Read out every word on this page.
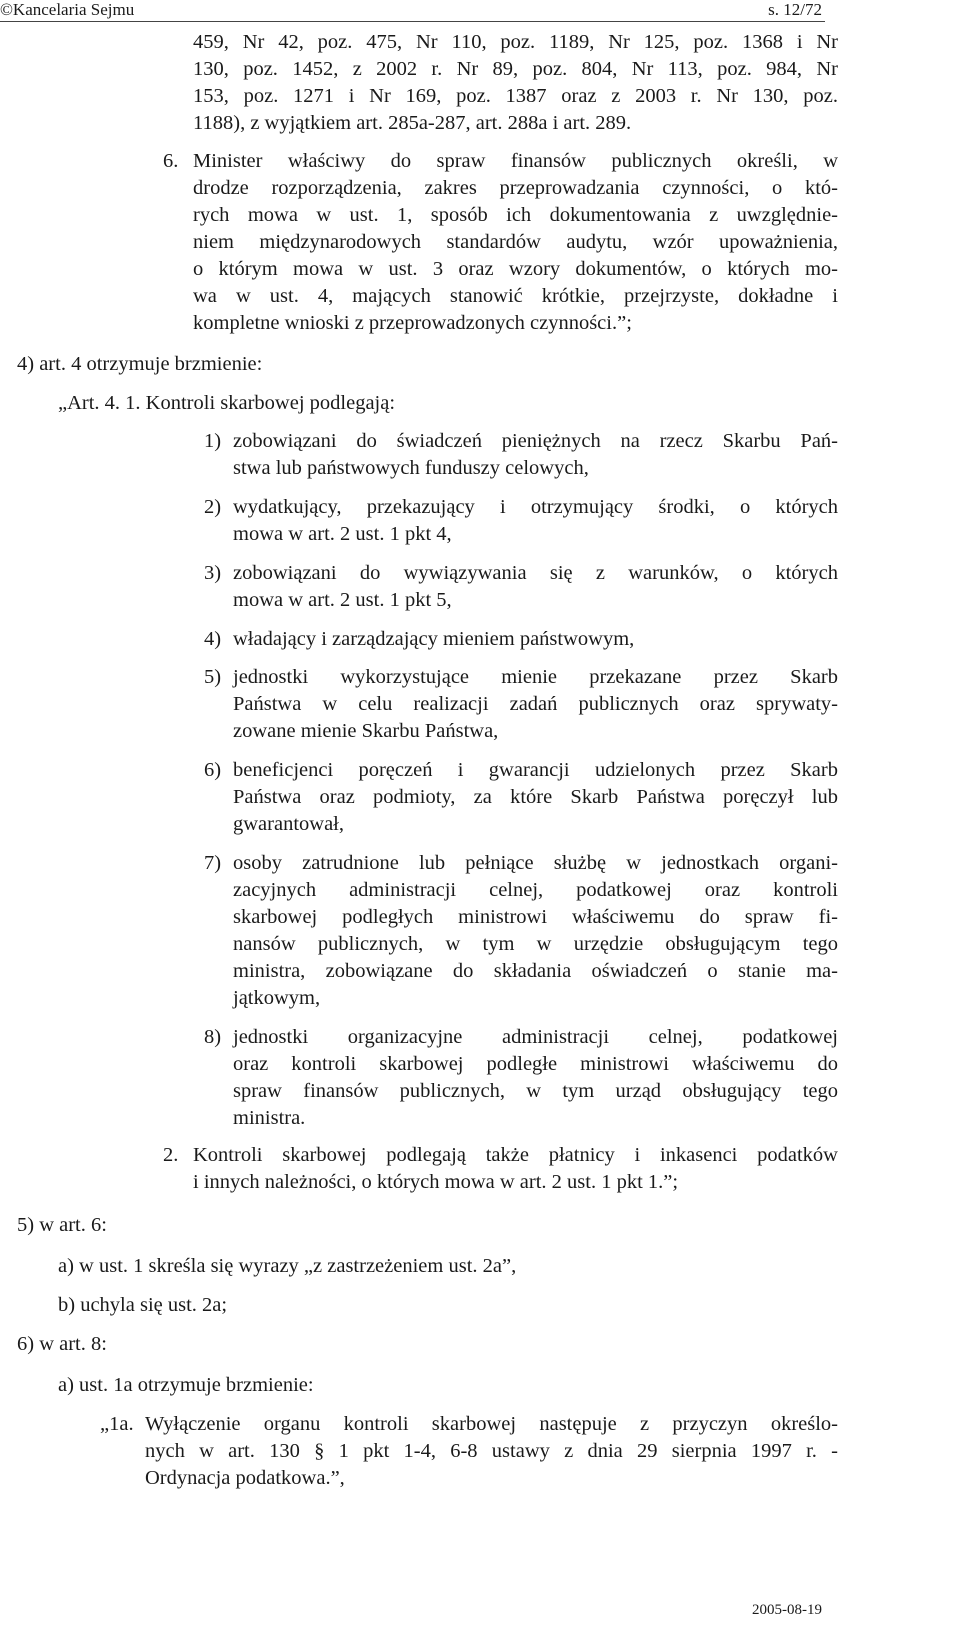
©Kancelaria Sejmu	s. 12/72
459, Nr 42, poz. 475, Nr 110, poz. 1189, Nr 125, poz. 1368 i Nr
130, poz. 1452, z 2002 r. Nr 89, poz. 804, Nr 113, poz. 984, Nr
153, poz. 1271 i Nr 169, poz. 1387 oraz z 2003 r. Nr 130, poz.
1188), z wyjątkiem art. 285a-287, art. 288a i art. 289.
6. Minister właściwy do spraw finansów publicznych określi, w
drodze rozporządzenia, zakres przeprowadzania czynności, o któ-
rych mowa w ust. 1, sposób ich dokumentowania z uwzględnie-
niem międzynarodowych standardów audytu, wzór upoważnienia,
o którym mowa w ust. 3 oraz wzory dokumentów, o których mo-
wa w ust. 4, mających stanowić krótkie, przejrzyste, dokładne i
kompletne wnioski z przeprowadzonych czynności.”;
4) art. 4 otrzymuje brzmienie:
„Art. 4. 1. Kontroli skarbowej podlegają:
1) zobowiązani do świadczeń pieniężnych na rzecz Skarbu Pań-
stwa lub państwowych funduszy celowych,
2) wydatkujący, przekazujący i otrzymujący środki, o których
mowa w art. 2 ust. 1 pkt 4,
3) zobowiązani do wywiązywania się z warunków, o których
mowa w art. 2 ust. 1 pkt 5,
4) władający i zarządzający mieniem państwowym,
5) jednostki wykorzystujące mienie przekazane przez Skarb
Państwa w celu realizacji zadań publicznych oraz sprywaty-
zowane mienie Skarbu Państwa,
6) beneficjenci poręczeń i gwarancji udzielonych przez Skarb
Państwa oraz podmioty, za które Skarb Państwa poręczył lub
gwarantował,
7) osoby zatrudnione lub pełniące służbę w jednostkach organi-
zacyjnych administracji celnej, podatkowej oraz kontroli
skarbowej podległych ministrowi właściwemu do spraw fi-
nansów publicznych, w tym w urzędzie obsługującym tego
ministra, zobowiązane do składania oświadczeń o stanie ma-
jątkowym,
8) jednostki organizacyjne administracji celnej, podatkowej
oraz kontroli skarbowej podległe ministrowi właściwemu do
spraw finansów publicznych, w tym urząd obsługujący tego
ministra.
2. Kontroli skarbowej podlegają także płatnicy i inkasenci podatków
i innych należności, o których mowa w art. 2 ust. 1 pkt 1.”;
5) w art. 6:
a) w ust. 1 skreśla się wyrazy „z zastrzeżeniem ust. 2a”,
b) uchyla się ust. 2a;
6) w art. 8:
a) ust. 1a otrzymuje brzmienie:
„1a. Wyłączenie organu kontroli skarbowej następuje z przyczyn określo-
nych w art. 130 § 1 pkt 1-4, 6-8 ustawy z dnia 29 sierpnia 1997 r. -
Ordynacja podatkowa.”,
2005-08-19
